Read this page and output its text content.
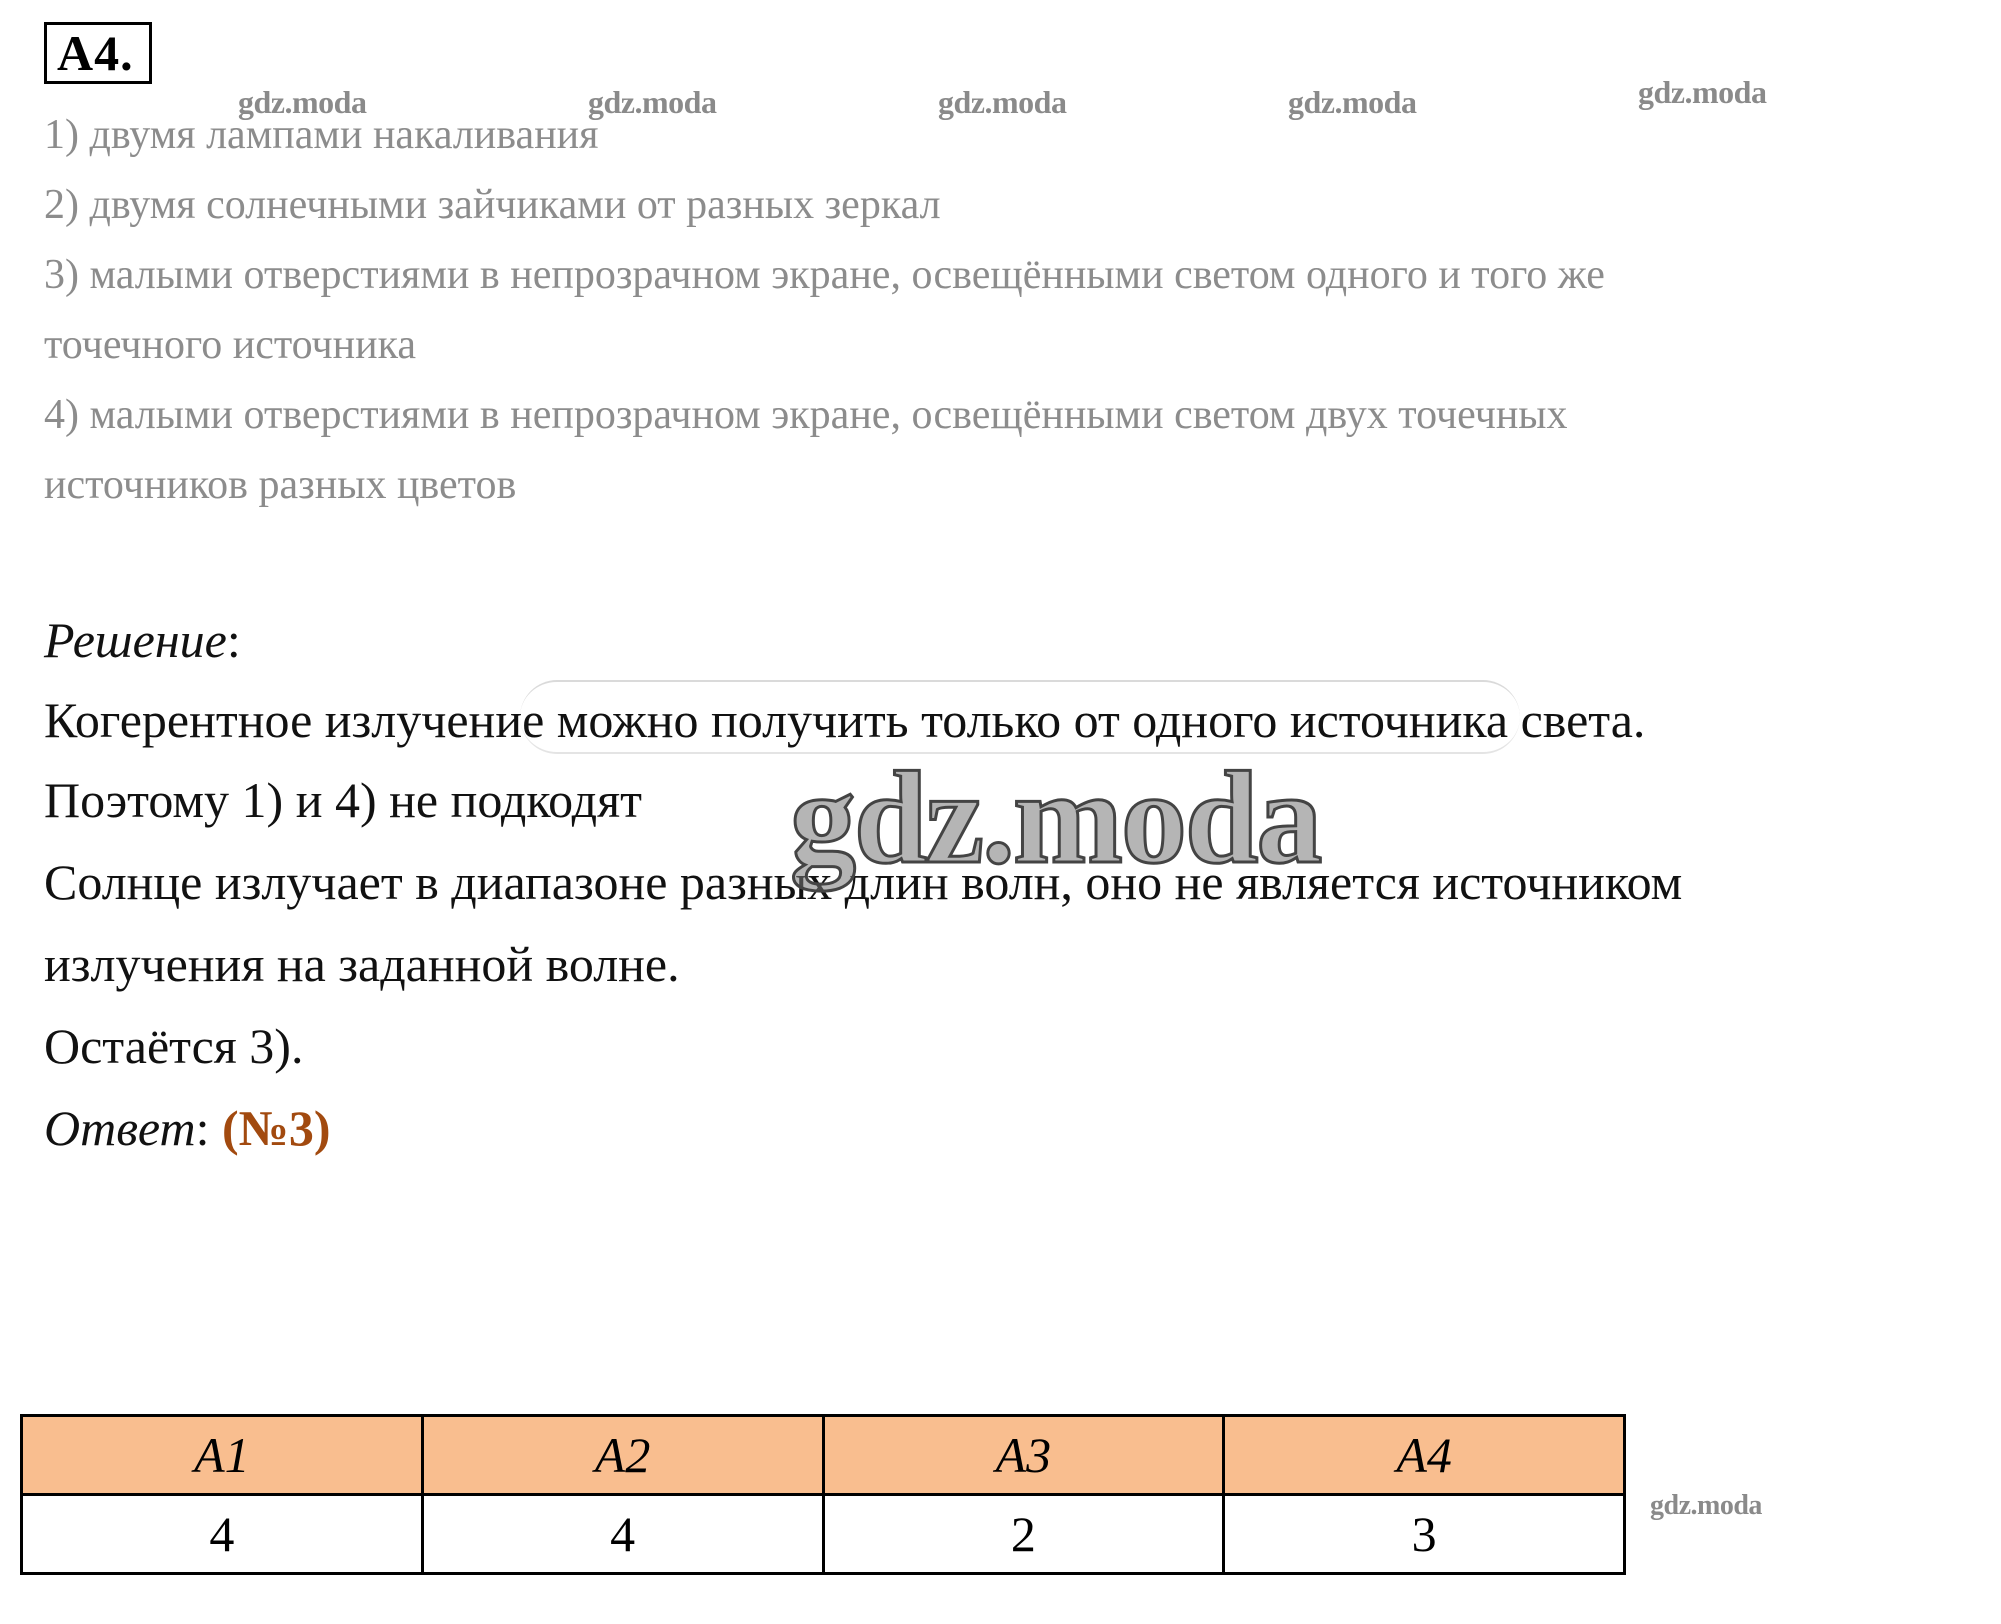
A4.
gdz.moda	gdz.moda	gdz.moda	gdz.moda	gdz.moda
1) двумя лампами накаливания
2) двумя солнечными зайчиками от разных зеркал
3) малыми отверстиями в непрозрачном экране, освещёнными светом одного и того же
точечного источника
4) малыми отверстиями в непрозрачном экране, освещёнными светом двух точечных
источников разных цветов
Решение:
Когерентное излучение можно получить только от одного источника света.
Поэтому 1) и 4) не подкодят
Солнце излучает в диапазоне разных длин волн, оно не является источником
излучения на заданной волне.
Остаётся 3).
gdz.moda
Ответ: (№3)
A1	A2	A3	A4
4	4	2	3
gdz.moda
